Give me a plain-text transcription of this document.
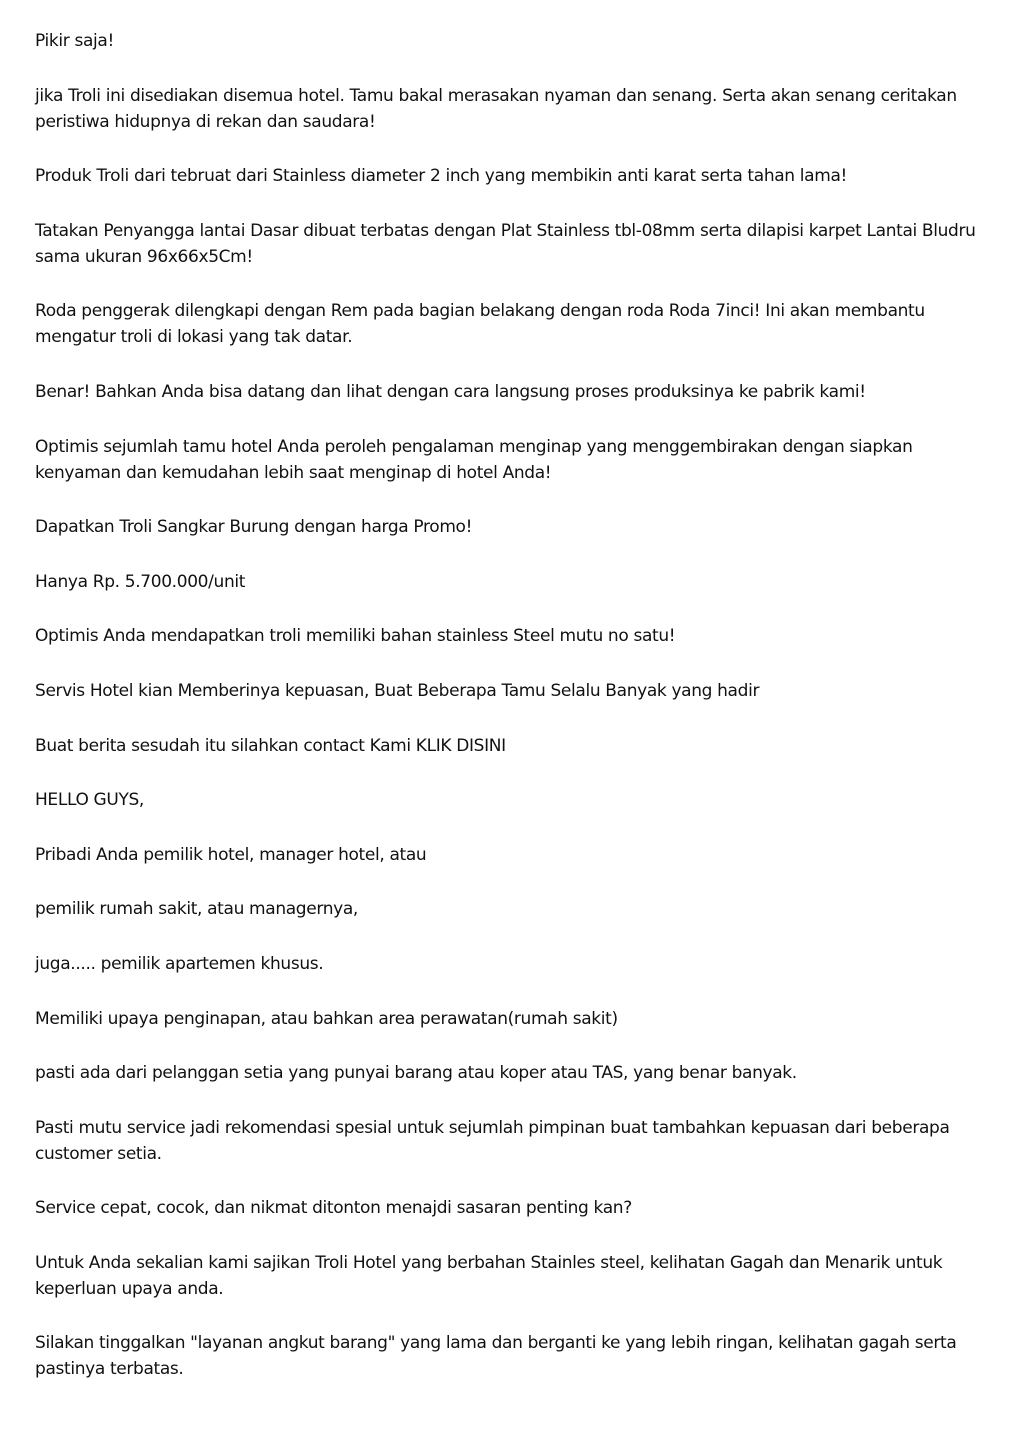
Pikir saja!

jika Troli ini disediakan disemua hotel. Tamu bakal merasakan nyaman dan senang. Serta akan senang ceritakan peristiwa hidupnya di rekan dan saudara!

Produk Troli dari tebruat dari Stainless diameter 2 inch yang membikin anti karat serta tahan lama!

Tatakan Penyangga lantai Dasar dibuat terbatas dengan Plat Stainless tbl-08mm serta dilapisi karpet Lantai Bludru sama ukuran 96x66x5Cm!

Roda penggerak dilengkapi dengan Rem pada bagian belakang dengan roda Roda 7inci! Ini akan membantu mengatur troli di lokasi yang tak datar.

Benar! Bahkan Anda bisa datang dan lihat dengan cara langsung proses produksinya ke pabrik kami!

Optimis sejumlah tamu hotel Anda peroleh pengalaman menginap yang menggembirakan dengan siapkan kenyaman dan kemudahan lebih saat menginap di hotel Anda!

Dapatkan Troli Sangkar Burung dengan harga Promo!

Hanya Rp. 5.700.000/unit

Optimis Anda mendapatkan troli memiliki bahan stainless Steel mutu no satu!

Servis Hotel kian Memberinya kepuasan, Buat Beberapa Tamu Selalu Banyak yang hadir

Buat berita sesudah itu silahkan contact Kami KLIK DISINI

HELLO GUYS,

Pribadi Anda pemilik hotel, manager hotel, atau

pemilik rumah sakit, atau managernya,

juga..... pemilik apartemen khusus.

Memiliki upaya penginapan, atau bahkan area perawatan(rumah sakit)

pasti ada dari pelanggan setia yang punyai barang atau koper atau TAS, yang benar banyak.

Pasti mutu service jadi rekomendasi spesial untuk sejumlah pimpinan buat tambahkan kepuasan dari beberapa customer setia.

Service cepat, cocok, dan nikmat ditonton menajdi sasaran penting kan?

Untuk Anda sekalian kami sajikan Troli Hotel yang berbahan Stainles steel, kelihatan Gagah dan Menarik untuk keperluan upaya anda.

Silakan tinggalkan "layanan angkut barang" yang lama dan berganti ke yang lebih ringan, kelihatan gagah serta pastinya terbatas.
